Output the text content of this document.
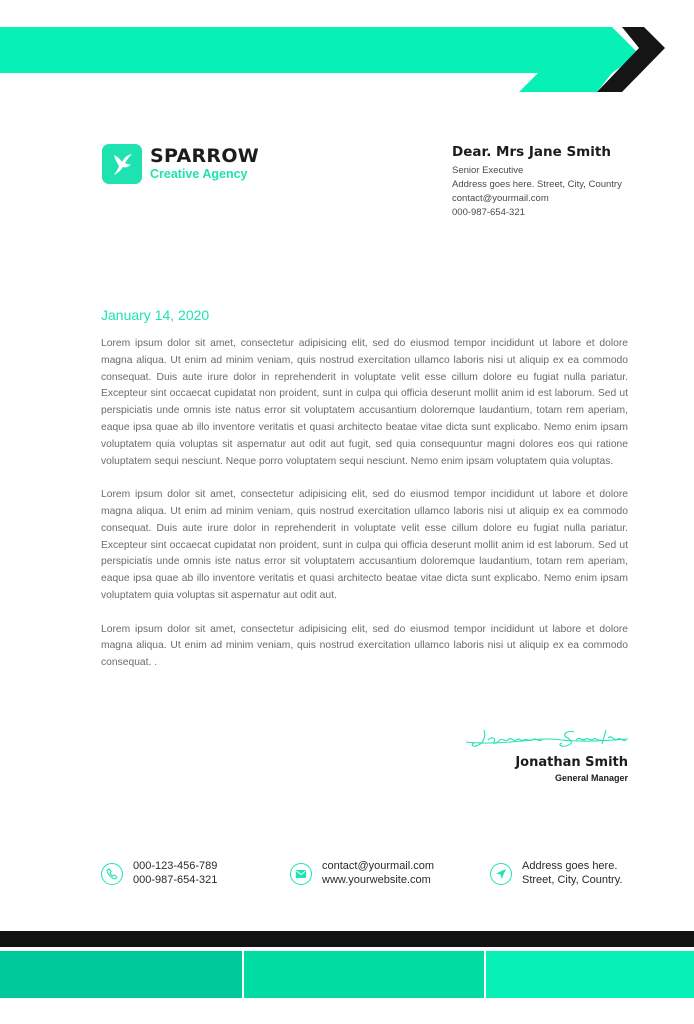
SPARROW
Creative Agency
Dear. Mrs Jane Smith
Senior Executive
Address goes here. Street, City, Country
contact@yourmail.com
000-987-654-321
January 14, 2020

Lorem ipsum dolor sit amet, consectetur adipisicing elit, sed do eiusmod tempor incididunt ut labore et dolore magna aliqua. Ut enim ad minim veniam, quis nostrud exercitation ullamco laboris nisi ut aliquip ex ea commodo consequat. Duis aute irure dolor in reprehenderit in voluptate velit esse cillum dolore eu fugiat nulla pariatur. Excepteur sint occaecat cupidatat non proident, sunt in culpa qui officia deserunt mollit anim id est laborum. Sed ut perspiciatis unde omnis iste natus error sit voluptatem accusantium doloremque laudantium, totam rem aperiam, eaque ipsa quae ab illo inventore veritatis et quasi architecto beatae vitae dicta sunt explicabo. Nemo enim ipsam voluptatem quia voluptas sit aspernatur aut odit aut fugit, sed quia consequuntur magni dolores eos qui ratione voluptatem sequi nesciunt. Neque porro voluptatem sequi nesciunt. Nemo enim ipsam voluptatem quia voluptas.

Lorem ipsum dolor sit amet, consectetur adipisicing elit, sed do eiusmod tempor incididunt ut labore et dolore magna aliqua. Ut enim ad minim veniam, quis nostrud exercitation ullamco laboris nisi ut aliquip ex ea commodo consequat. Duis aute irure dolor in reprehenderit in voluptate velit esse cillum dolore eu fugiat nulla pariatur. Excepteur sint occaecat cupidatat non proident, sunt in culpa qui officia deserunt mollit anim id est laborum. Sed ut perspiciatis unde omnis iste natus error sit voluptatem accusantium doloremque laudantium, totam rem aperiam, eaque ipsa quae ab illo inventore veritatis et quasi architecto beatae vitae dicta sunt explicabo. Nemo enim ipsam voluptatem quia voluptas sit aspernatur aut odit aut.

Lorem ipsum dolor sit amet, consectetur adipisicing elit, sed do eiusmod tempor incididunt ut labore et dolore magna aliqua. Ut enim ad minim veniam, quis nostrud exercitation ullamco laboris nisi ut aliquip ex ea commodo consequat. .

Jonathan Smith
General Manager
000-123-456-789
000-987-654-321
contact@yourmail.com
www.yourwebsite.com
Address goes here.
Street, City, Country.
